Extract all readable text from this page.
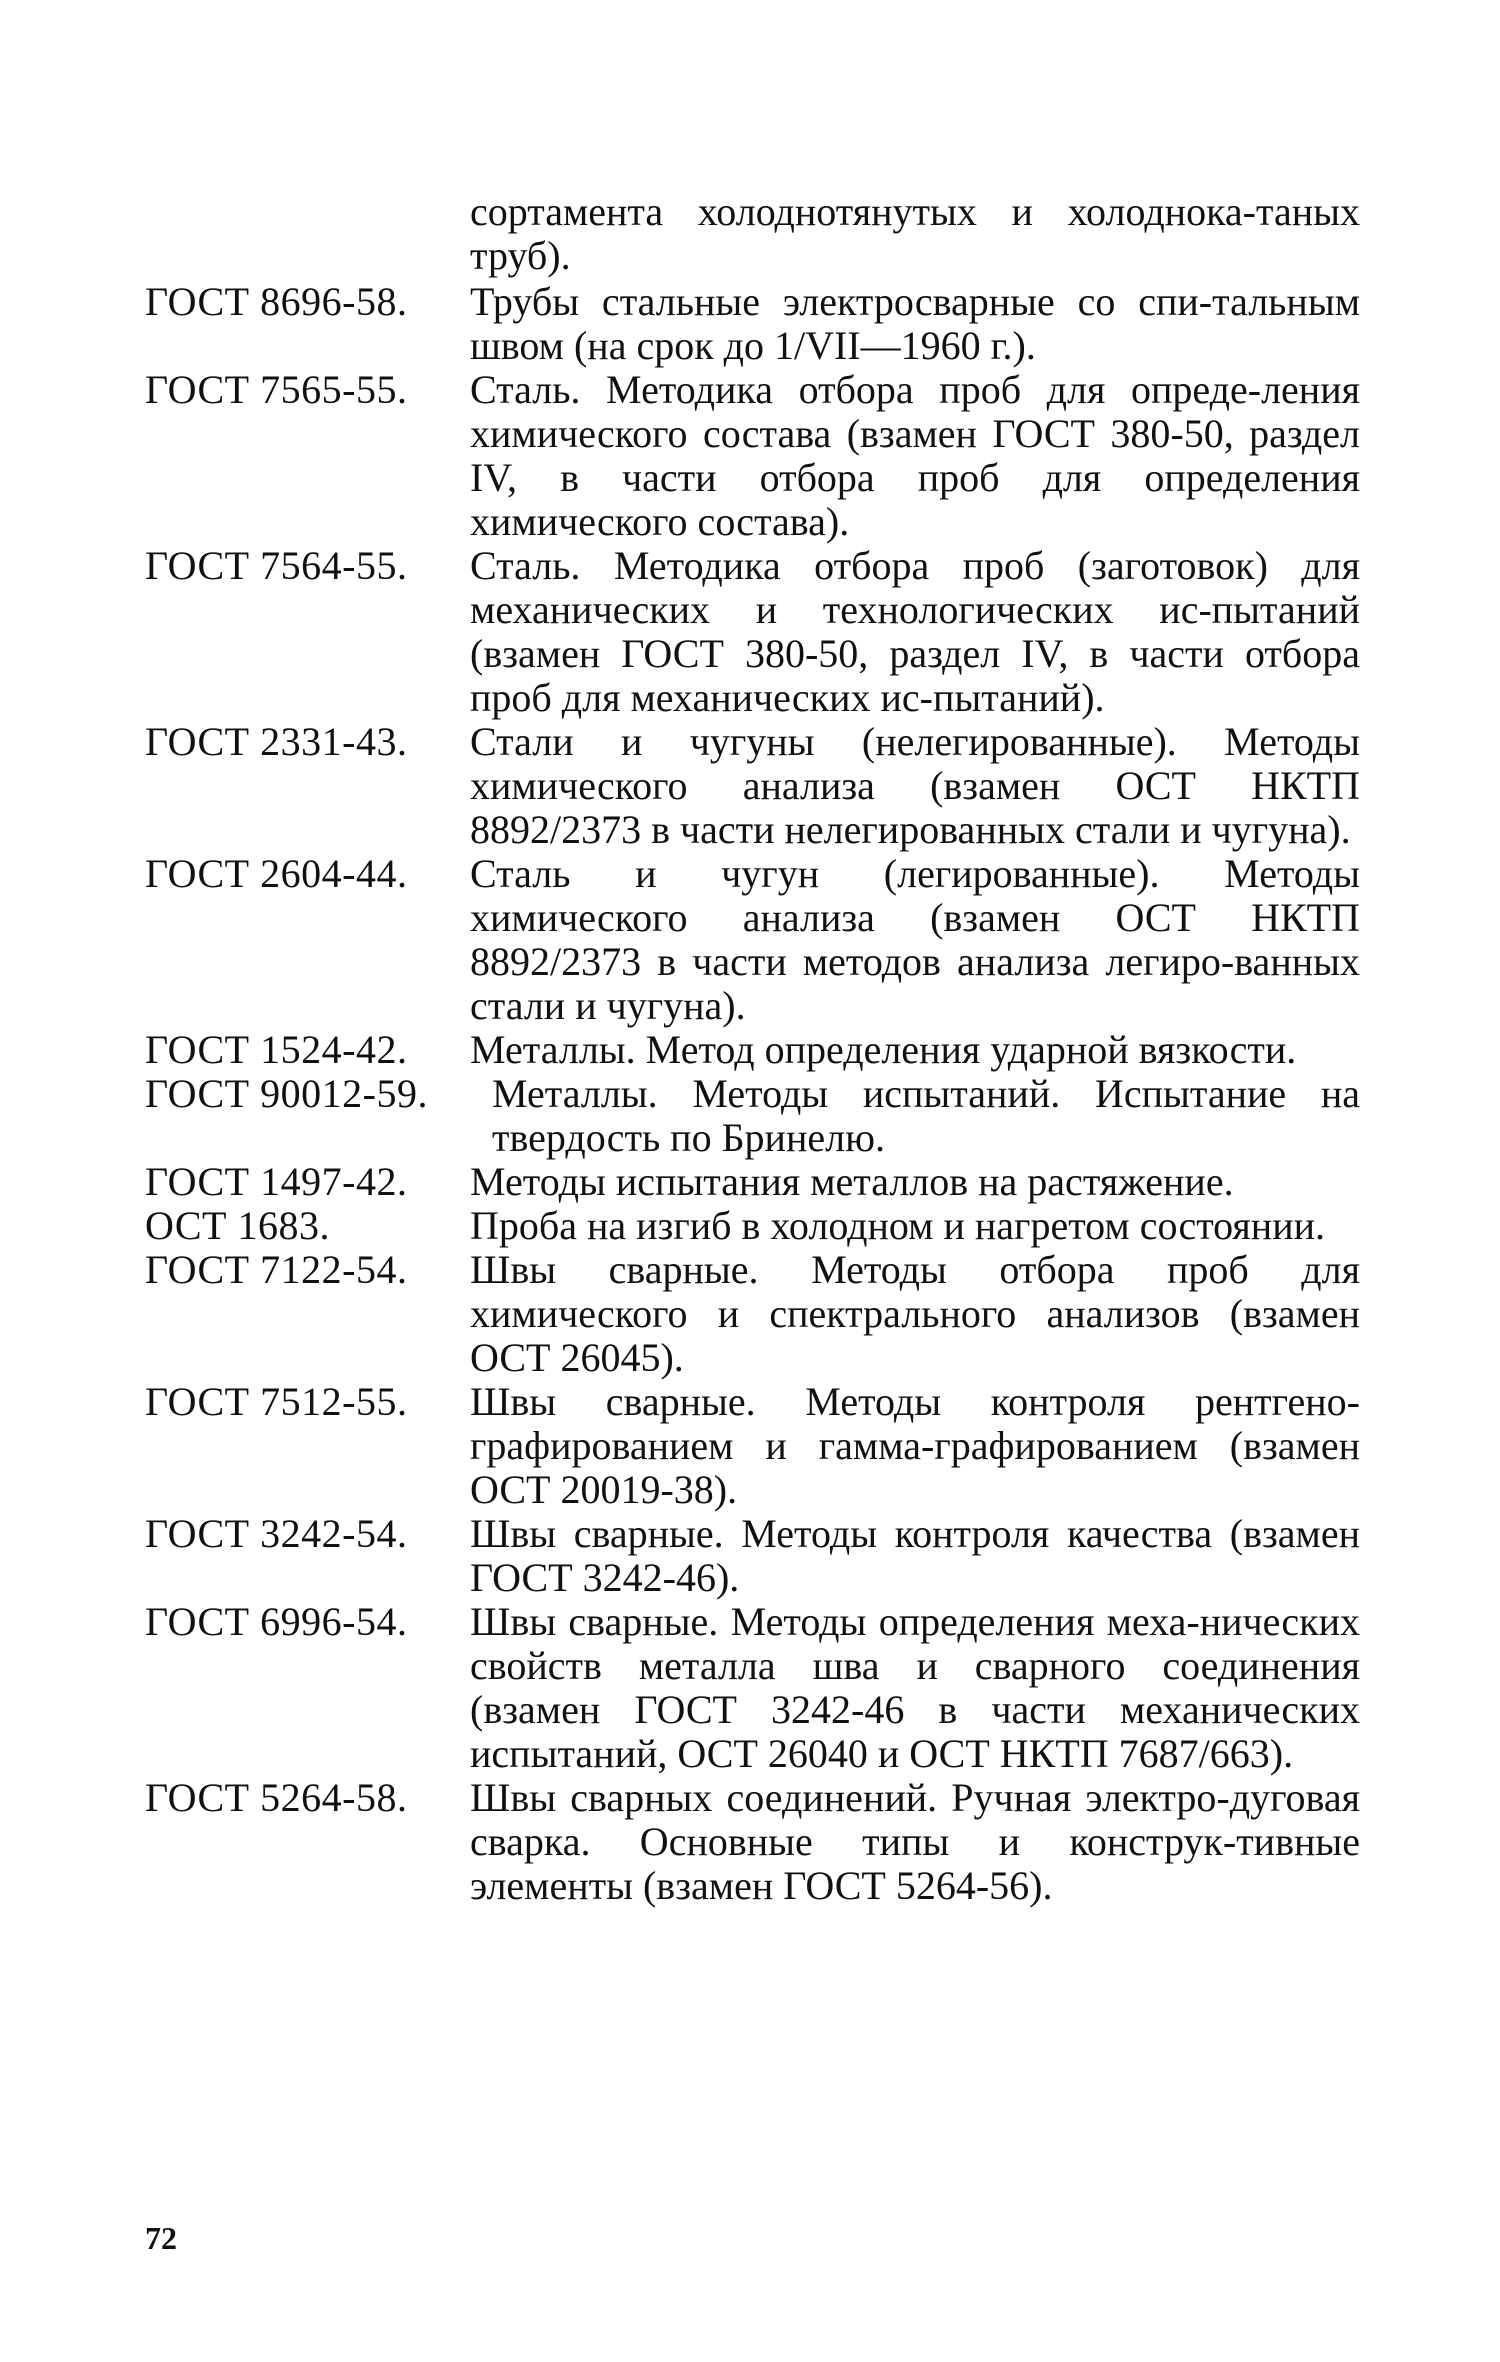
сортамента холоднотянутых и холоднока-таных труб).
ГОСТ 8696-58. Трубы стальные электросварные со спи-тальным швом (на срок до 1/VII—1960 г.).
ГОСТ 7565-55. Сталь. Методика отбора проб для опреде-ления химического состава (взамен ГОСТ 380-50, раздел IV, в части отбора проб для определения химического состава).
ГОСТ 7564-55. Сталь. Методика отбора проб (заготовок) для механических и технологических ис-пытаний (взамен ГОСТ 380-50, раздел IV, в части отбора проб для механических ис-пытаний).
ГОСТ 2331-43. Стали и чугуны (нелегированные). Методы химического анализа (взамен ОСТ НКТП 8892/2373 в части нелегированных стали и чугуна).
ГОСТ 2604-44. Сталь и чугун (легированные). Методы химического анализа (взамен ОСТ НКТП 8892/2373 в части методов анализа легиро-ванных стали и чугуна).
ГОСТ 1524-42. Металлы. Метод определения ударной вязкости.
ГОСТ 90012-59.	Металлы. Методы испытаний. Испытание на твердость по Бринелю.
ГОСТ 1497-42. Методы испытания металлов на растяжение.
ОСТ 1683.	Проба на изгиб в холодном и нагретом состоянии.
ГОСТ 7122-54. Швы сварные. Методы отбора проб для химического и спектрального анализов (взамен ОСТ 26045).
ГОСТ 7512-55. Швы сварные. Методы контроля рентгено-графированием и гамма-графированием (взамен ОСТ 20019-38).
ГОСТ 3242-54. Швы сварные. Методы контроля качества (взамен ГОСТ 3242-46).
ГОСТ 6996-54. Швы сварные. Методы определения меха-нических свойств металла шва и сварного соединения (взамен ГОСТ 3242-46 в части механических испытаний, ОСТ 26040 и ОСТ НКТП 7687/663).
ГОСТ 5264-58. Швы сварных соединений. Ручная электро-дуговая сварка. Основные типы и конструк-тивные элементы (взамен ГОСТ 5264-56).
72
